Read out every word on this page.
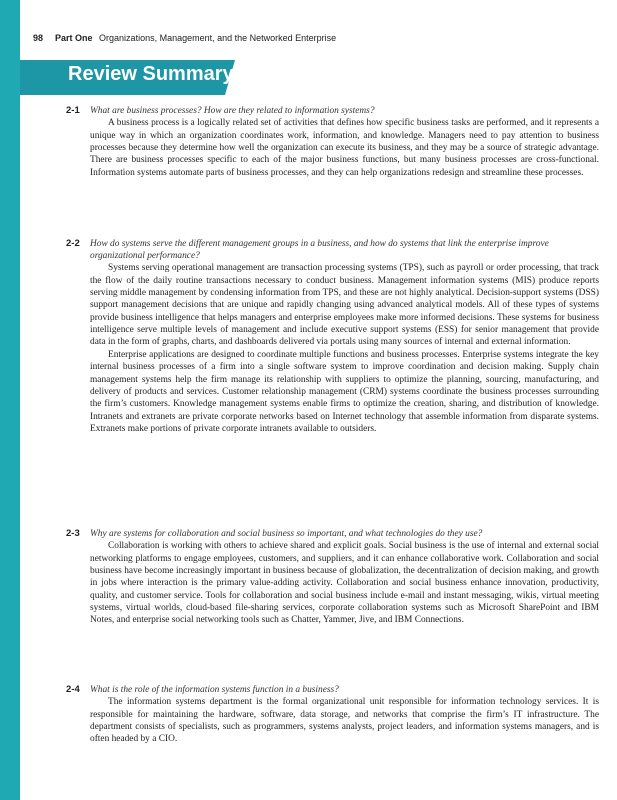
98 Part One Organizations, Management, and the Networked Enterprise
Review Summary
2-1 What are business processes? How are they related to information systems?

A business process is a logically related set of activities that defines how specific business tasks are performed, and it represents a unique way in which an organization coordinates work, information, and knowledge. Managers need to pay attention to business processes because they determine how well the organization can execute its business, and they may be a source of strategic advantage. There are business processes specific to each of the major business functions, but many business processes are cross-functional. Information systems automate parts of business processes, and they can help organizations redesign and streamline these processes.

2-2 How do systems serve the different management groups in a business, and how do systems that link the enterprise improve organizational performance?

Systems serving operational management are transaction processing systems (TPS), such as payroll or order processing, that track the flow of the daily routine transactions necessary to conduct business. Management information systems (MIS) produce reports serving middle management by condensing information from TPS, and these are not highly analytical. Decision-support systems (DSS) support management decisions that are unique and rapidly changing using advanced analytical models. All of these types of systems provide business intelligence that helps managers and enterprise employees make more informed decisions. These systems for business intelligence serve multiple levels of management and include executive support systems (ESS) for senior management that provide data in the form of graphs, charts, and dashboards delivered via portals using many sources of internal and external information.

Enterprise applications are designed to coordinate multiple functions and business processes. Enterprise systems integrate the key internal business processes of a firm into a single software system to improve coordination and decision making. Supply chain management systems help the firm manage its relationship with suppliers to optimize the planning, sourcing, manufacturing, and delivery of products and services. Customer relationship management (CRM) systems coordinate the business processes surrounding the firm’s customers. Knowledge management systems enable firms to optimize the creation, sharing, and distribution of knowledge. Intranets and extranets are private corporate networks based on Internet technology that assemble information from disparate systems. Extranets make portions of private corporate intranets available to outsiders.

2-3 Why are systems for collaboration and social business so important, and what technologies do they use?

Collaboration is working with others to achieve shared and explicit goals. Social business is the use of internal and external social networking platforms to engage employees, customers, and suppliers, and it can enhance collaborative work. Collaboration and social business have become increasingly important in business because of globalization, the decentralization of decision making, and growth in jobs where interaction is the primary value-adding activity. Collaboration and social business enhance innovation, productivity, quality, and customer service. Tools for collaboration and social business include e-mail and instant messaging, wikis, virtual meeting systems, virtual worlds, cloud-based file-sharing services, corporate collaboration systems such as Microsoft SharePoint and IBM Notes, and enterprise social networking tools such as Chatter, Yammer, Jive, and IBM Connections.

2-4 What is the role of the information systems function in a business?

The information systems department is the formal organizational unit responsible for information technology services. It is responsible for maintaining the hardware, software, data storage, and networks that comprise the firm’s IT infrastructure. The department consists of specialists, such as programmers, systems analysts, project leaders, and information systems managers, and is often headed by a CIO.
